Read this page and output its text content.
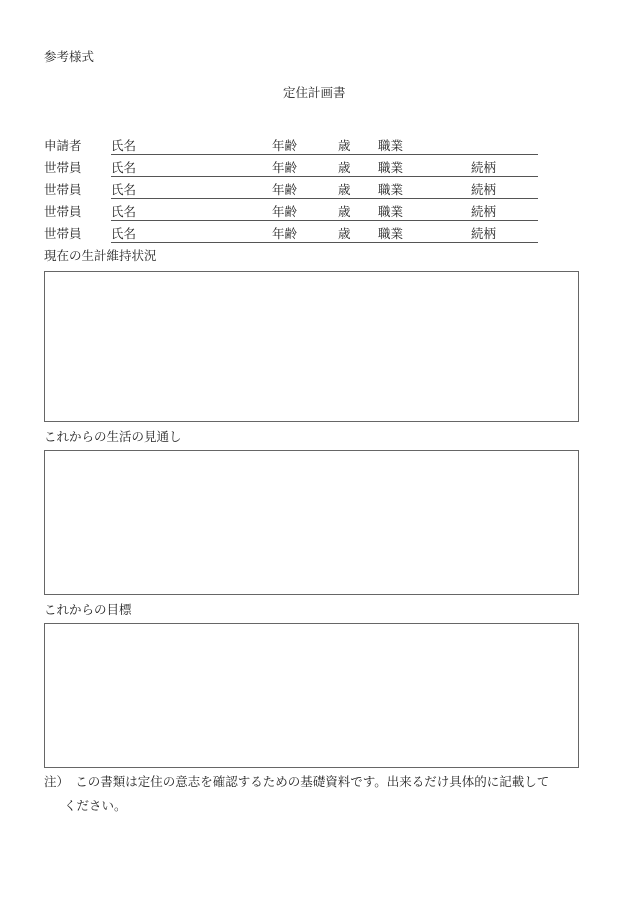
参考様式
定住計画書
申請者 氏名	年齢	歳 職業
世帯員 氏名	年齢	歳 職業	続柄
世帯員 氏名	年齢	歳 職業	続柄
世帯員 氏名	年齢	歳 職業	続柄
世帯員 氏名	年齢	歳 職業	続柄
現在の生計維持状況
これからの生活の見通し
これからの目標
注）　この書類は定住の意志を確認するための基礎資料です。出来るだけ具体的に記載して
ください。
